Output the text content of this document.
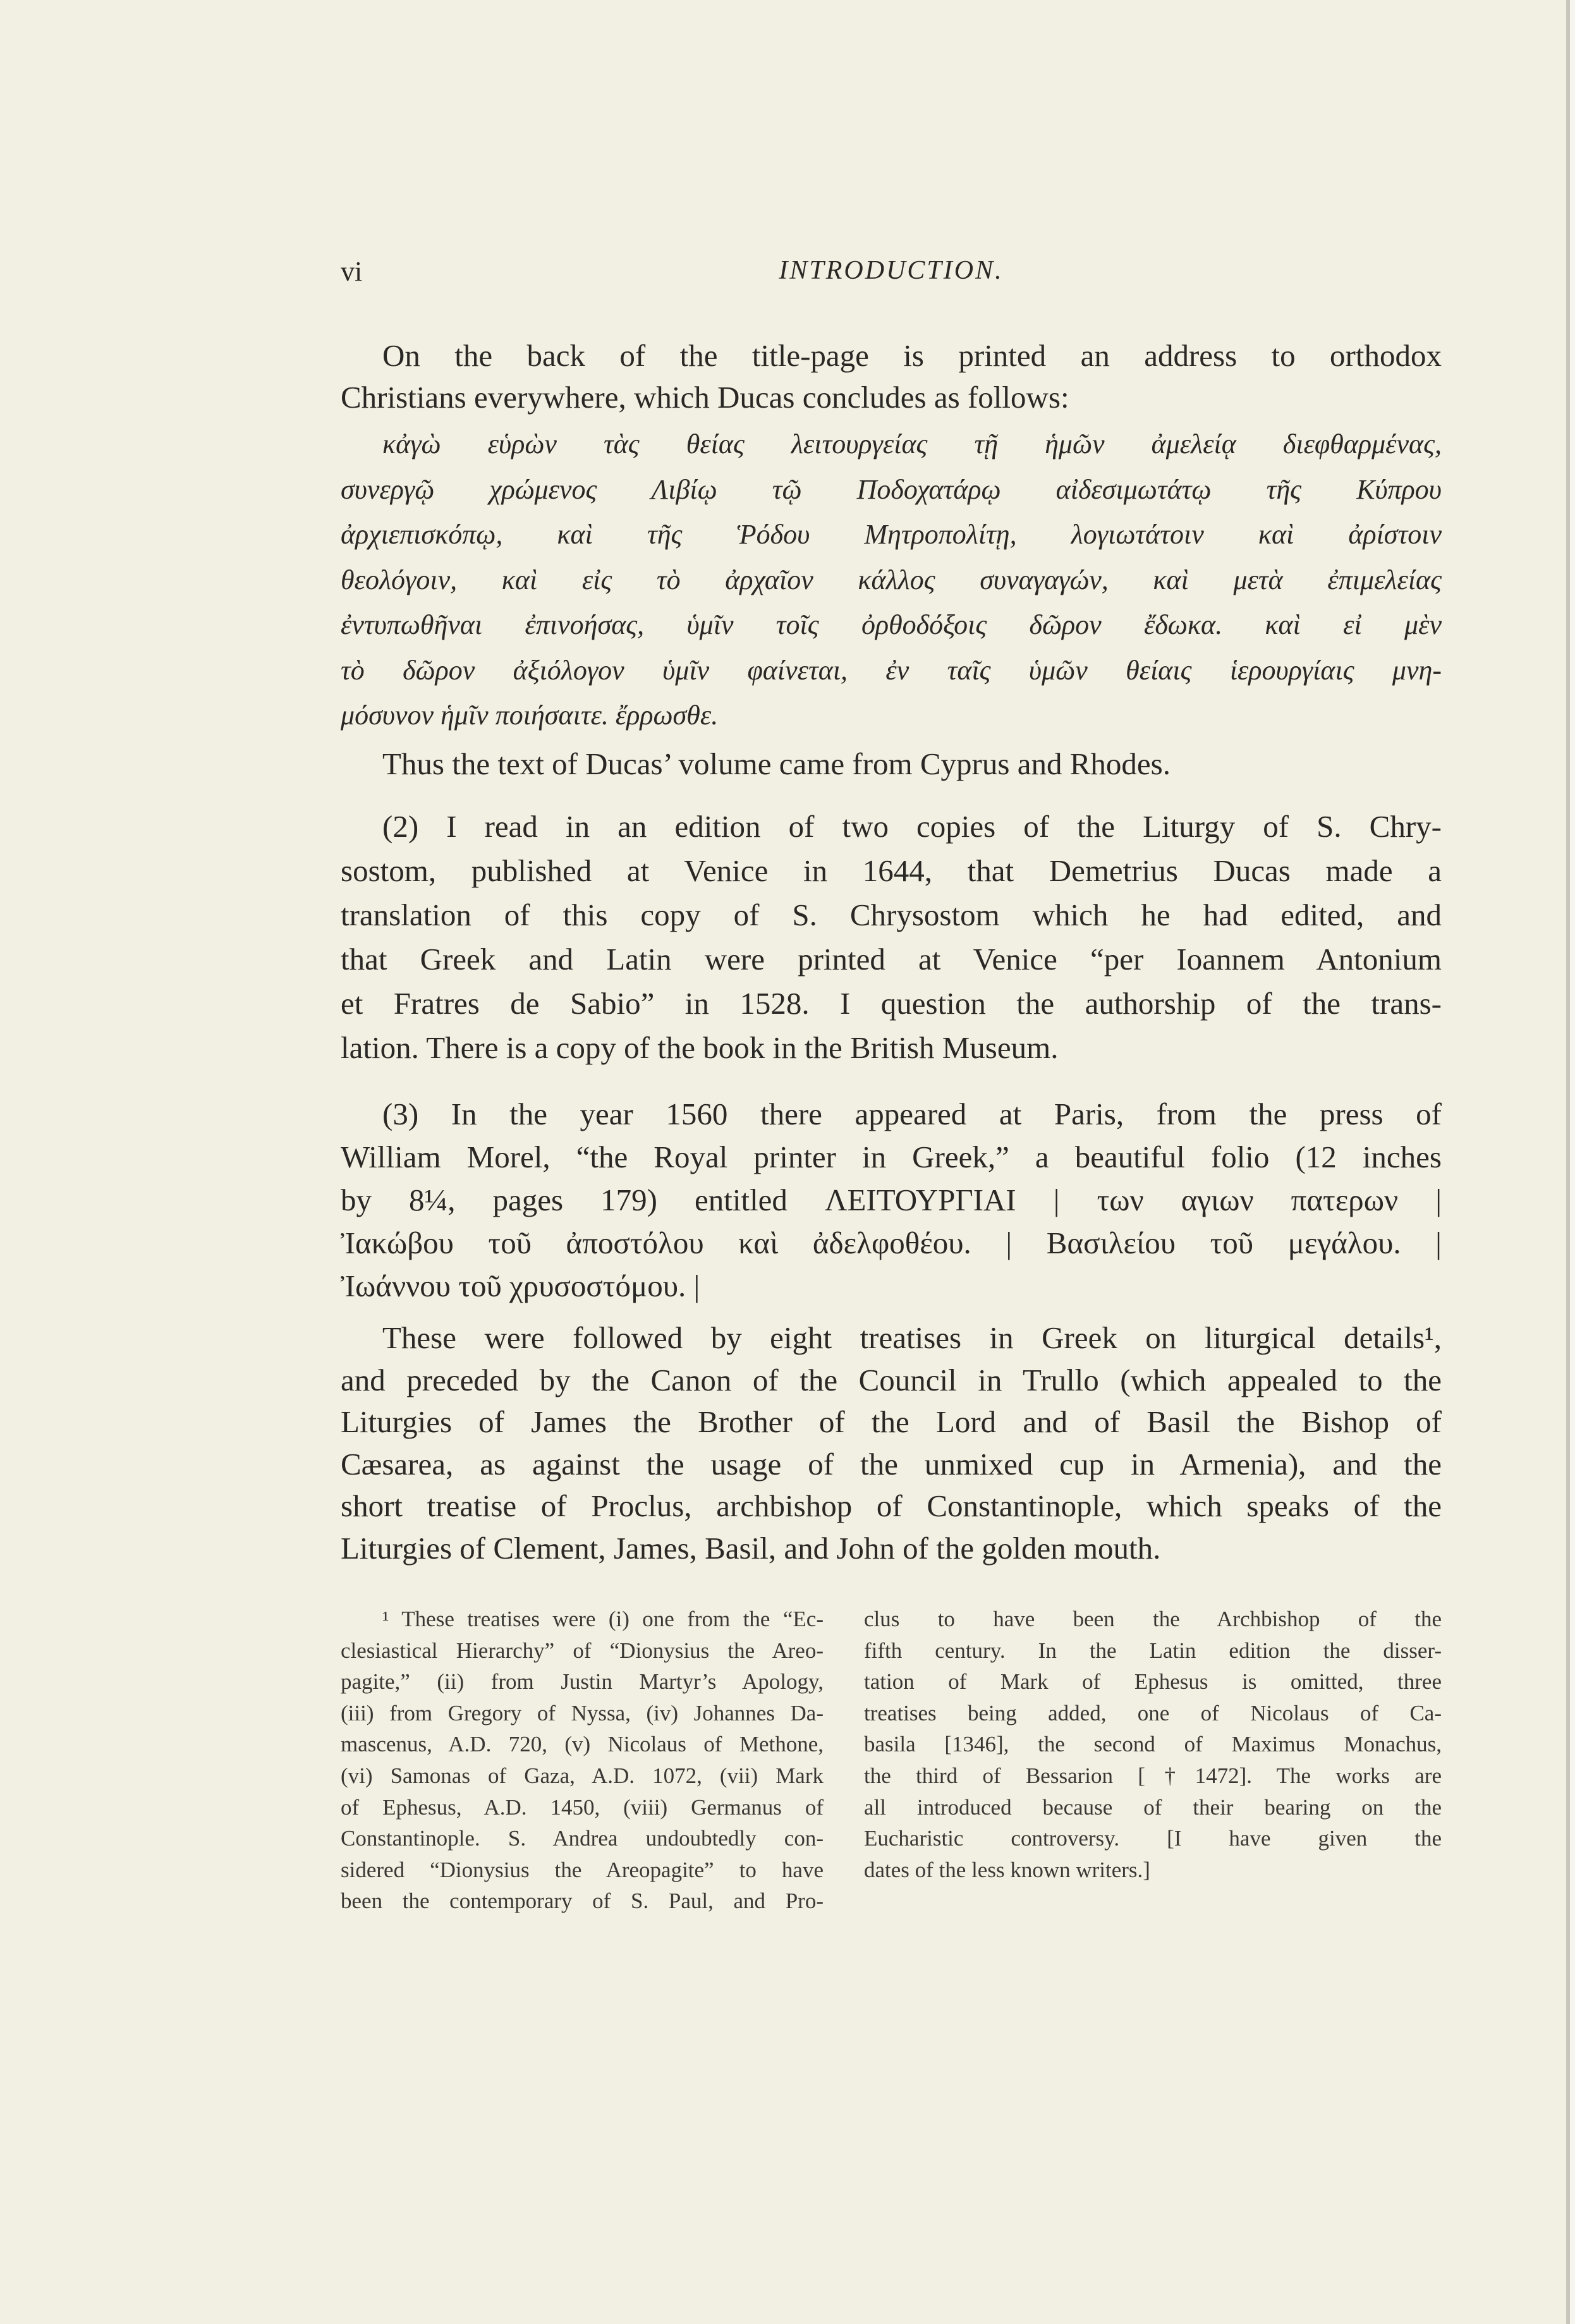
vi	INTRODUCTION.
On the back of the title-page is printed an address to orthodox
Christians everywhere, which Ducas concludes as follows:
κἀγὼ εὑρὼν τὰς θείας λειτουργείας τῇ ἡμῶν ἀμελείᾳ διεφθαρμένας,
συνεργῷ χρώμενος Λιβίῳ τῷ Ποδοχατάρῳ αἰδεσιμωτάτῳ τῆς Κύπρου
ἀρχιεπισκόπῳ, καὶ τῆς Ῥόδου Μητροπολίτῃ, λογιωτάτοιν καὶ ἀρίστοιν
θεολόγοιν, καὶ εἰς τὸ ἀρχαῖον κάλλος συναγαγών, καὶ μετὰ ἐπιμελείας
ἐντυπωθῆναι ἐπινοήσας, ὑμῖν τοῖς ὀρθοδόξοις δῶρον ἔδωκα. καὶ εἰ μὲν
τὸ δῶρον ἀξιόλογον ὑμῖν φαίνεται, ἐν ταῖς ὑμῶν θείαις ἱερουργίαις μνη-
μόσυνον ἡμῖν ποιήσαιτε. ἔρρωσθε.
Thus the text of Ducas’ volume came from Cyprus and Rhodes.
(2) I read in an edition of two copies of the Liturgy of S. Chry-
sostom, published at Venice in 1644, that Demetrius Ducas made a
translation of this copy of S. Chrysostom which he had edited, and
that Greek and Latin were printed at Venice “per Ioannem Antonium
et Fratres de Sabio” in 1528. I question the authorship of the trans-
lation. There is a copy of the book in the British Museum.
(3) In the year 1560 there appeared at Paris, from the press of
William Morel, “the Royal printer in Greek,” a beautiful folio (12 inches
by 8¼, pages 179) entitled ΛΕΙΤΟΥΡΓΙΑΙ | των αγιων πατερων |
Ἰακώβου τοῦ ἀποστόλου καὶ ἀδελφοθέου. | Βασιλείου τοῦ μεγάλου. |
Ἰωάννου τοῦ χρυσοστόμου. |
These were followed by eight treatises in Greek on liturgical details¹,
and preceded by the Canon of the Council in Trullo (which appealed to the
Liturgies of James the Brother of the Lord and of Basil the Bishop of
Cæsarea, as against the usage of the unmixed cup in Armenia), and the
short treatise of Proclus, archbishop of Constantinople, which speaks of the
Liturgies of Clement, James, Basil, and John of the golden mouth.
¹ These treatises were (i) one from the “Ec-
clesiastical Hierarchy” of “Dionysius the Areo-
pagite,” (ii) from Justin Martyr’s Apology,
(iii) from Gregory of Nyssa, (iv) Johannes Da-
mascenus, A.D. 720, (v) Nicolaus of Methone,
(vi) Samonas of Gaza, A.D. 1072, (vii) Mark
of Ephesus, A.D. 1450, (viii) Germanus of
Constantinople. S. Andrea undoubtedly con-
sidered “Dionysius the Areopagite” to have
been the contemporary of S. Paul, and Pro-
clus to have been the Archbishop of the
fifth century. In the Latin edition the disser-
tation of Mark of Ephesus is omitted, three
treatises being added, one of Nicolaus of Ca-
basila [1346], the second of Maximus Monachus,
the third of Bessarion [†1472]. The works are
all introduced because of their bearing on the
Eucharistic controversy. [I have given the
dates of the less known writers.]
